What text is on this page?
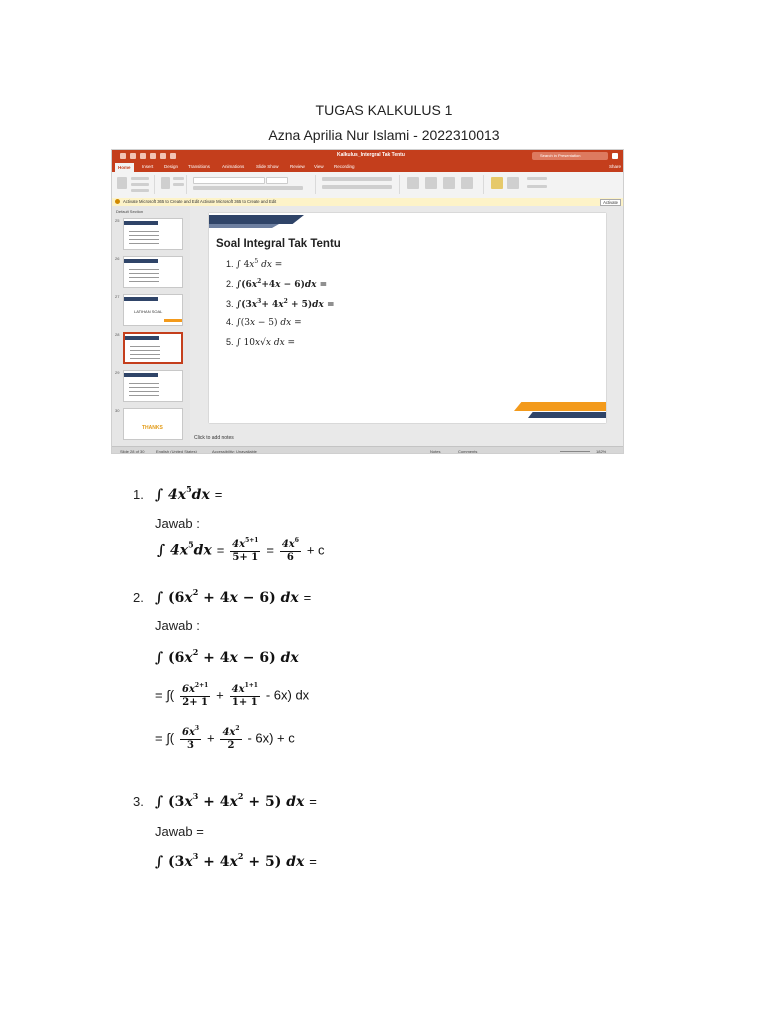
TUGAS KALKULUS 1
Azna Aprilia Nur Islami - 2022310013
Kalkulus_Intergral Tak Tentu	Search in Presentation
Home	Insert Design Transitions	Animations	Slide Show	Review View Recording	Share
Activate Microsoft 365 to Create and Edit Activate Microsoft 365 to Create and Edit	Activate
Default Section
25
26
27
LATIHAN SOAL
28
29
30
THANKS
Soal Integral Tak Tentu
1. ∫ $4x^5$ dx =
2. $\int(6x^2+4x - 6)dx$ =
3. $\int(3x^3+ 4x^2 + 5)dx$ =
4. ∫(3x − 5) dx =
5. ∫ 10x√x dx =
Click to add notes
Slide 28 of 30	English (United States)	Accessibility: Unavailable	Notes	Comments	182%
1. ∫ $4x^5dx$ =
Jawab :
∫ $4x^5dx = \frac{4x^{5+1}}{5+ 1} = \frac{4x^6}{6} + c$
2. ∫ $(6x^2 + 4x - 6)$ dx =
Jawab :
∫ $(6x^2 + 4x - 6)$ dx
= ∫( $\frac{6x^{2+1}}{2+ 1} + \frac{4x^{1+1}}{1+ 1} - 6x$) dx
= ∫( $\frac{6x^3}{3} + \frac{4x^2}{2} - 6x) + c$
3. ∫ $(3x^3 + 4x^2 + 5)$ dx =
Jawab =
∫ $(3x^3 + 4x^2 + 5)$ dx =
